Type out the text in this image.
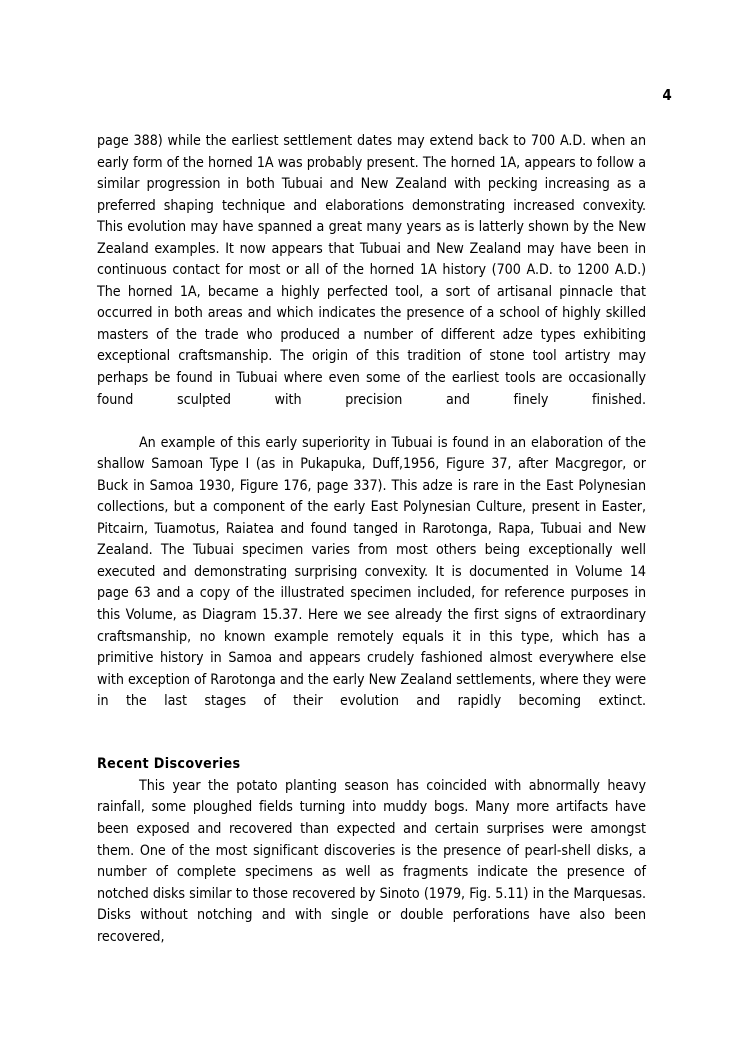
4

page 388) while the earliest settlement dates may extend back to 700 A.D. when an early form of the horned 1A was probably present. The horned 1A, appears to follow a similar progression in both Tubuai and New Zealand with pecking increasing as a preferred shaping technique and elaborations demonstrating increased convexity. This evolution may have spanned a great many years as is latterly shown by the New Zealand examples. It now appears that Tubuai and New Zealand may have been in continuous contact for most or all of the horned 1A history (700 A.D. to 1200 A.D.) The horned 1A, became a highly perfected tool, a sort of artisanal pinnacle that occurred in both areas and which indicates the presence of a school of highly skilled masters of the trade who produced a number of different adze types exhibiting exceptional craftsmanship. The origin of this tradition of stone tool artistry may perhaps be found in Tubuai where even some of the earliest tools are occasionally found sculpted with precision and finely finished.

An example of this early superiority in Tubuai is found in an elaboration of the shallow Samoan Type I (as in Pukapuka, Duff,1956, Figure 37, after Macgregor, or Buck in Samoa 1930, Figure 176, page 337). This adze is rare in the East Polynesian collections, but a component of the early East Polynesian Culture, present in Easter, Pitcairn, Tuamotus, Raiatea and found tanged in Rarotonga, Rapa, Tubuai and New Zealand. The Tubuai specimen varies from most others being exceptionally well executed and demonstrating surprising convexity. It is documented in Volume 14 page 63 and a copy of the illustrated specimen included, for reference purposes in this Volume, as Diagram 15.37. Here we see already the first signs of extraordinary craftsmanship, no known example remotely equals it in this type, which has a primitive history in Samoa and appears crudely fashioned almost everywhere else with exception of Rarotonga and the early New Zealand settlements, where they were in the last stages of their evolution and rapidly becoming extinct.

Recent Discoveries

This year the potato planting season has coincided with abnormally heavy rainfall, some ploughed fields turning into muddy bogs. Many more artifacts have been exposed and recovered than expected and certain surprises were amongst them. One of the most significant discoveries is the presence of pearl-shell disks, a number of complete specimens as well as fragments indicate the presence of notched disks similar to those recovered by Sinoto (1979, Fig. 5.11) in the Marquesas. Disks without notching and with single or double perforations have also been recovered,
